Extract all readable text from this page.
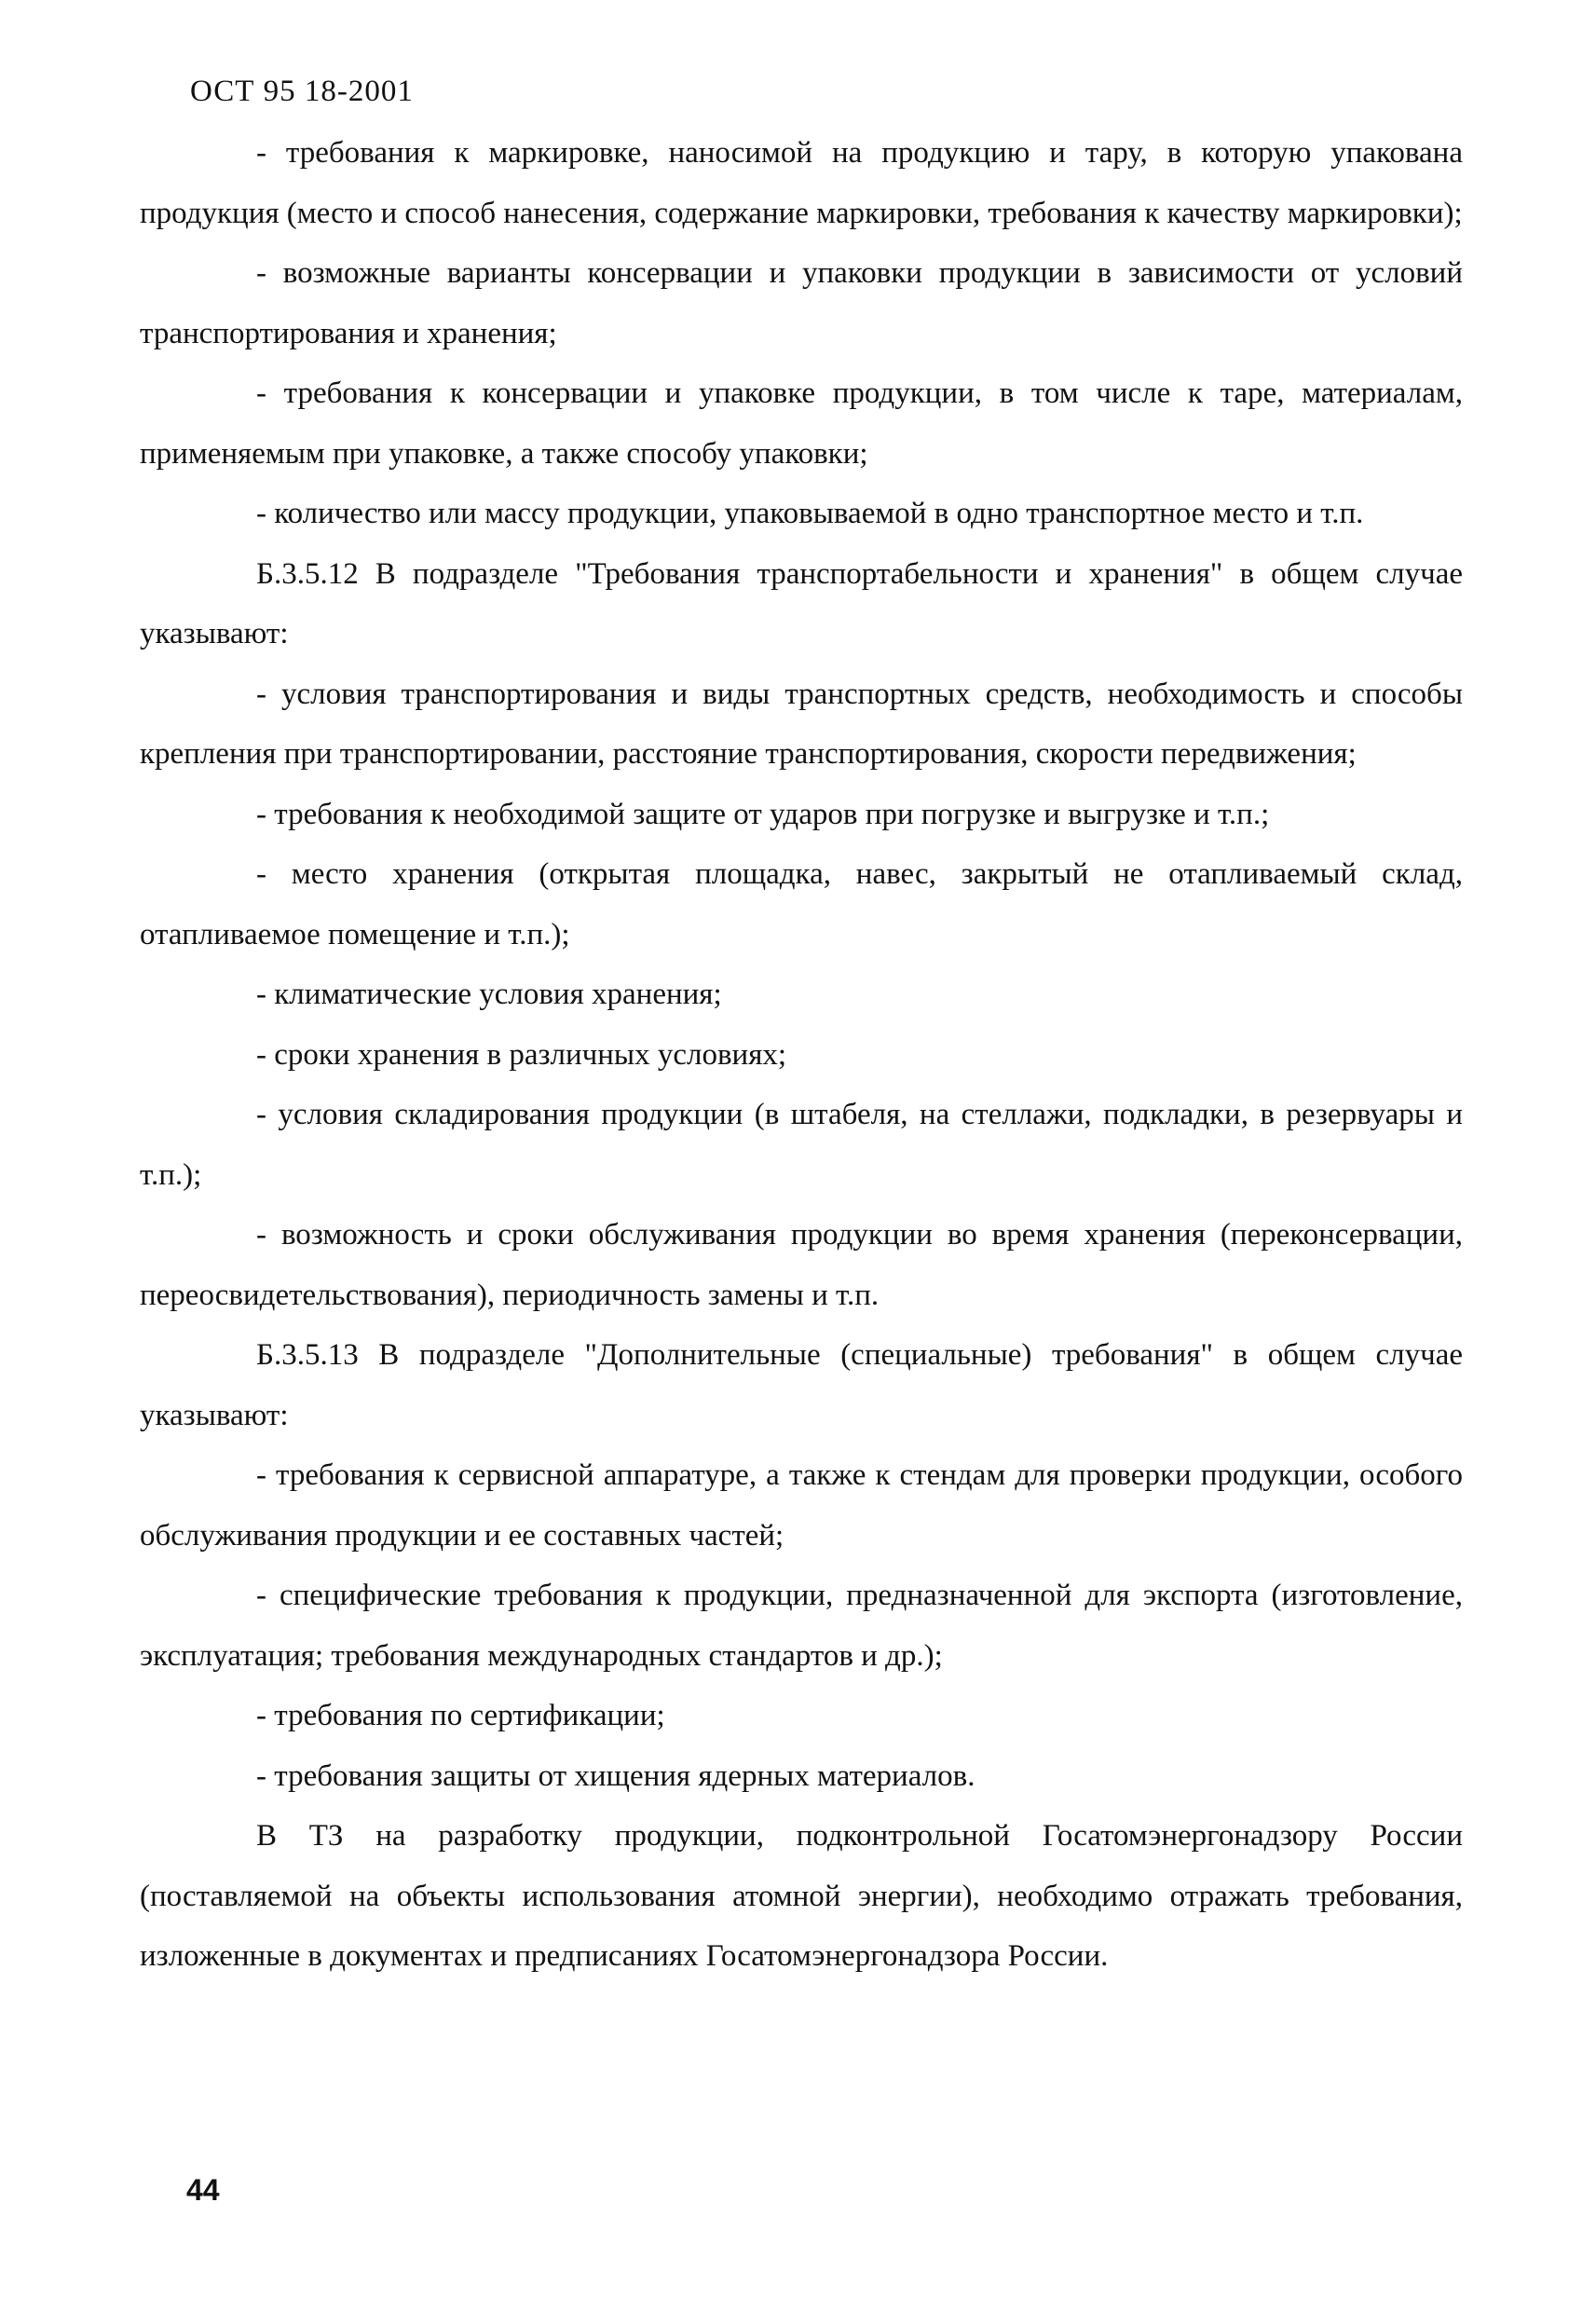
ОСТ 95 18-2001

- требования к маркировке, наносимой на продукцию и тару, в которую упакована продукция (место и способ нанесения, содержание маркировки, требования к качеству маркировки);

- возможные варианты консервации и упаковки продукции в зависимости от условий транспортирования и хранения;

- требования к консервации и упаковке продукции, в том числе к таре, материалам, применяемым при упаковке, а также способу упаковки;

- количество или массу продукции, упаковываемой в одно транспортное место и т.п.

Б.3.5.12 В подразделе "Требования транспортабельности и хранения" в общем случае указывают:

- условия транспортирования и виды транспортных средств, необходимость и способы крепления при транспортировании, расстояние транспортирования, скорости передвижения;

- требования к необходимой защите от ударов при погрузке и выгрузке и т.п.;

- место хранения (открытая площадка, навес, закрытый не отапливаемый склад, отапливаемое помещение и т.п.);

- климатические условия хранения;

- сроки хранения в различных условиях;

- условия складирования продукции (в штабеля, на стеллажи, подкладки, в резервуары и т.п.);

- возможность и сроки обслуживания продукции во время хранения (переконсервации, переосвидетельствования), периодичность замены и т.п.

Б.3.5.13 В подразделе "Дополнительные (специальные) требования" в общем случае указывают:

- требования к сервисной аппаратуре, а также к стендам для проверки продукции, особого обслуживания продукции и ее составных частей;

- специфические требования к продукции, предназначенной для экспорта (изготовление, эксплуатация; требования международных стандартов и др.);

- требования по сертификации;

- требования защиты от хищения ядерных материалов.

В ТЗ на разработку продукции, подконтрольной Госатомэнергонадзору России (поставляемой на объекты использования атомной энергии), необходимо отражать требования, изложенные в документах и предписаниях Госатомэнергонадзора России.

44
